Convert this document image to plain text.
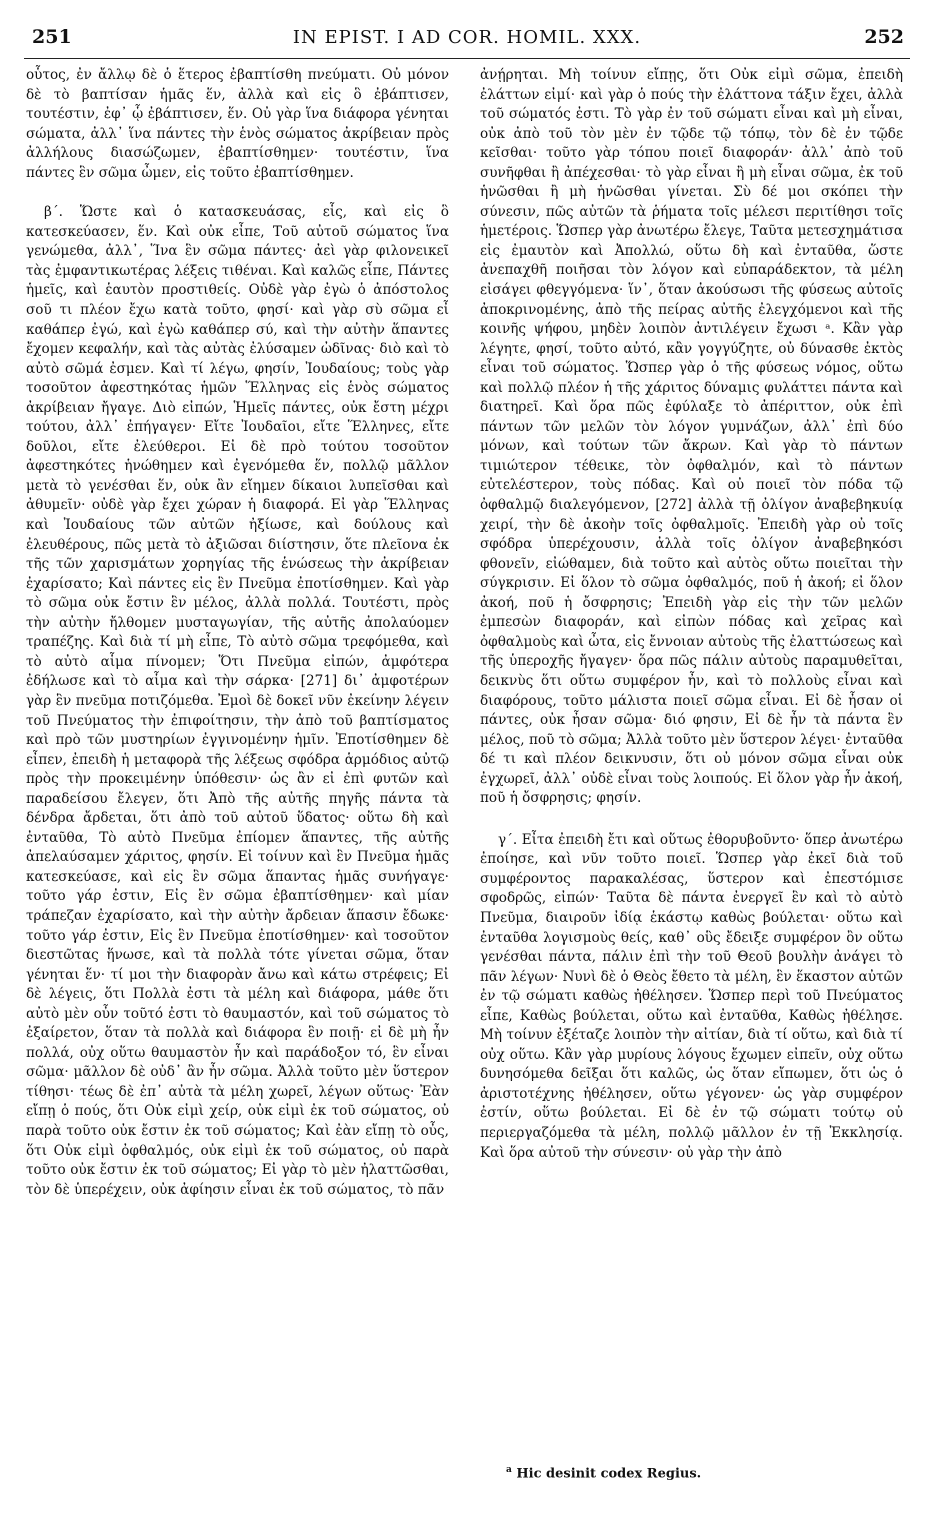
251	IN EPIST. I AD COR. HOMIL. XXX.	252

οὗτος, ἐν ἄλλῳ δὲ ὁ ἕτερος ἐβαπτίσθη πνεύματι. Οὐ μόνον δὲ τὸ βαπτίσαν ἡμᾶς ἕν, ἀλλὰ καὶ εἰς ὃ ἐβάπτισεν, τουτέστιν, ἐφ᾽ ᾧ ἐβάπτισεν, ἕν. Οὐ γὰρ ἵνα διάφορα γένηται σώματα, ἀλλ᾽ ἵνα πάντες τὴν ἑνὸς σώματος ἀκρίβειαν πρὸς ἀλλήλους διασώζωμεν, ἐβαπτίσθημεν· τουτέστιν, ἵνα πάντες ἓν σῶμα ὦμεν, εἰς τοῦτο ἐβαπτίσθημεν.

β΄. Ὥστε καὶ ὁ κατασκευάσας, εἷς, καὶ εἰς ὃ κατεσκεύασεν, ἕν. Καὶ οὐκ εἶπε, Τοῦ αὐτοῦ σώματος ἵνα γενώμεθα, ἀλλ᾽, Ἵνα ἓν σῶμα πάντες· ἀεὶ γὰρ φιλονεικεῖ τὰς ἐμφαντικωτέρας λέξεις τιθέναι. Καὶ καλῶς εἶπε, Πάντες ἡμεῖς, καὶ ἑαυτὸν προστιθείς. Οὐδὲ γὰρ ἐγὼ ὁ ἀπόστολος σοῦ τι πλέον ἔχω κατὰ τοῦτο, φησί· καὶ γὰρ σὺ σῶμα εἶ καθάπερ ἐγώ, καὶ ἐγὼ καθάπερ σύ, καὶ τὴν αὐτὴν ἅπαντες ἔχομεν κεφαλήν, καὶ τὰς αὐτὰς ἐλύσαμεν ὠδῖνας· διὸ καὶ τὸ αὐτὸ σῶμά ἐσμεν. Καὶ τί λέγω, φησίν, Ἰουδαίους; τοὺς γὰρ τοσοῦτον ἀφεστηκότας ἡμῶν Ἕλληνας εἰς ἑνὸς σώματος ἀκρίβειαν ἤγαγε. Διὸ εἰπών, Ἡμεῖς πάντες, οὐκ ἔστη μέχρι τούτου, ἀλλ᾽ ἐπήγαγεν· Εἴτε Ἰουδαῖοι, εἴτε Ἕλληνες, εἴτε δοῦλοι, εἴτε ἐλεύθεροι. Εἰ δὲ πρὸ τούτου τοσοῦτον ἀφεστηκότες ἡνώθημεν καὶ ἐγενόμεθα ἕν, πολλῷ μᾶλλον μετὰ τὸ γενέσθαι ἕν, οὐκ ἂν εἴημεν δίκαιοι λυπεῖσθαι καὶ ἀθυμεῖν· οὐδὲ γὰρ ἔχει χώραν ἡ διαφορά. Εἰ γὰρ Ἕλληνας καὶ Ἰουδαίους τῶν αὐτῶν ἠξίωσε, καὶ δούλους καὶ ἐλευθέρους, πῶς μετὰ τὸ ἀξιῶσαι διίστησιν, ὅτε πλεῖονα ἐκ τῆς τῶν χαρισμάτων χορηγίας τῆς ἑνώσεως τὴν ἀκρίβειαν ἐχαρίσατο; Καὶ πάντες εἰς ἓν Πνεῦμα ἐποτίσθημεν. Καὶ γὰρ τὸ σῶμα οὐκ ἔστιν ἓν μέλος, ἀλλὰ πολλά. Τουτέστι, πρὸς τὴν αὐτὴν ἤλθομεν μυσταγωγίαν, τῆς αὐτῆς ἀπολαύομεν τραπέζης. Καὶ διὰ τί μὴ εἶπε, Τὸ αὐτὸ σῶμα τρεφόμεθα, καὶ τὸ αὐτὸ αἷμα πίνομεν; Ὅτι Πνεῦμα εἰπών, ἀμφότερα ἐδήλωσε καὶ τὸ αἷμα καὶ τὴν σάρκα· [271] δι᾽ ἀμφοτέρων γὰρ ἓν πνεῦμα ποτιζόμεθα. Ἐμοὶ δὲ δοκεῖ νῦν ἐκείνην λέγειν τοῦ Πνεύματος τὴν ἐπιφοίτησιν, τὴν ἀπὸ τοῦ βαπτίσματος καὶ πρὸ τῶν μυστηρίων ἐγγινομένην ἡμῖν. Ἐποτίσθημεν δὲ εἶπεν, ἐπειδὴ ἡ μεταφορὰ τῆς λέξεως σφόδρα ἁρμόδιος αὐτῷ πρὸς τὴν προκειμένην ὑπόθεσιν· ὡς ἂν εἰ ἐπὶ φυτῶν καὶ παραδείσου ἔλεγεν, ὅτι Ἀπὸ τῆς αὐτῆς πηγῆς πάντα τὰ δένδρα ἄρδεται, ὅτι ἀπὸ τοῦ αὐτοῦ ὕδατος· οὕτω δὴ καὶ ἐνταῦθα, Τὸ αὐτὸ Πνεῦμα ἐπίομεν ἅπαντες, τῆς αὐτῆς ἀπελαύσαμεν χάριτος, φησίν. Εἰ τοίνυν καὶ ἓν Πνεῦμα ἡμᾶς κατεσκεύασε, καὶ εἰς ἓν σῶμα ἅπαντας ἡμᾶς συνήγαγε· τοῦτο γάρ ἐστιν, Εἰς ἓν σῶμα ἐβαπτίσθημεν· καὶ μίαν τράπεζαν ἐχαρίσατο, καὶ τὴν αὐτὴν ἄρδειαν ἅπασιν ἔδωκε· τοῦτο γάρ ἐστιν, Εἰς ἓν Πνεῦμα ἐποτίσθημεν· καὶ τοσοῦτον διεστῶτας ἥνωσε, καὶ τὰ πολλὰ τότε γίνεται σῶμα, ὅταν γένηται ἕν· τί μοι τὴν διαφορὰν ἄνω καὶ κάτω στρέφεις; Εἰ δὲ λέγεις, ὅτι Πολλὰ ἐστι τὰ μέλη καὶ διάφορα, μάθε ὅτι αὐτὸ μὲν οὖν τοῦτό ἐστι τὸ θαυμαστόν, καὶ τοῦ σώματος τὸ ἐξαίρετον, ὅταν τὰ πολλὰ καὶ διάφορα ἓν ποιῇ· εἰ δὲ μὴ ἦν πολλά, οὐχ οὕτω θαυμαστὸν ἦν καὶ παράδοξον τό, ἓν εἶναι σῶμα· μᾶλλον δὲ οὐδ᾽ ἂν ἦν σῶμα. Ἀλλὰ τοῦτο μὲν ὕστερον τίθησι· τέως δὲ ἐπ᾽ αὐτὰ τὰ μέλη χωρεῖ, λέγων οὕτως· Ἐὰν εἴπῃ ὁ πούς, ὅτι Οὐκ εἰμὶ χείρ, οὐκ εἰμὶ ἐκ τοῦ σώματος, οὐ παρὰ τοῦτο οὐκ ἔστιν ἐκ τοῦ σώματος; Καὶ ἐὰν εἴπῃ τὸ οὖς, ὅτι Οὐκ εἰμὶ ὀφθαλμός, οὐκ εἰμὶ ἐκ τοῦ σώματος, οὐ παρὰ τοῦτο οὐκ ἔστιν ἐκ τοῦ σώματος; Εἰ γὰρ τὸ μὲν ἠλαττῶσθαι, τὸν δὲ ὑπερέχειν, οὐκ ἀφίησιν εἶναι ἐκ τοῦ σώματος, τὸ πᾶν

ἀνῄρηται. Μὴ τοίνυν εἴπῃς, ὅτι Οὐκ εἰμὶ σῶμα, ἐπειδὴ ἐλάττων εἰμί· καὶ γὰρ ὁ πούς τὴν ἐλάττονα τάξιν ἔχει, ἀλλὰ τοῦ σώματός ἐστι. Τὸ γὰρ ἐν τοῦ σώματι εἶναι καὶ μὴ εἶναι, οὐκ ἀπὸ τοῦ τὸν μὲν ἐν τῷδε τῷ τόπῳ, τὸν δὲ ἐν τῷδε κεῖσθαι· τοῦτο γὰρ τόπου ποιεῖ διαφοράν· ἀλλ᾽ ἀπὸ τοῦ συνῆφθαι ἢ ἀπέχεσθαι· τὸ γὰρ εἶναι ἢ μὴ εἶναι σῶμα, ἐκ τοῦ ἡνῶσθαι ἢ μὴ ἡνῶσθαι γίνεται. Σὺ δέ μοι σκόπει τὴν σύνεσιν, πῶς αὐτῶν τὰ ῥήματα τοῖς μέλεσι περιτίθησι τοῖς ἡμετέροις. Ὥσπερ γὰρ ἀνωτέρω ἔλεγε, Ταῦτα μετεσχημάτισα εἰς ἐμαυτὸν καὶ Ἀπολλώ, οὕτω δὴ καὶ ἐνταῦθα, ὥστε ἀνεπαχθῆ ποιῆσαι τὸν λόγον καὶ εὐπαράδεκτον, τὰ μέλη εἰσάγει φθεγγόμενα· ἵν᾽, ὅταν ἀκούσωσι τῆς φύσεως αὐτοῖς ἀποκρινομένης, ἀπὸ τῆς πείρας αὐτῆς ἐλεγχόμενοι καὶ τῆς κοινῆς ψήφου, μηδὲν λοιπὸν ἀντιλέγειν ἔχωσι ᵃ. Κἂν γὰρ λέγητε, φησί, τοῦτο αὐτό, κἂν γογγύζητε, οὐ δύνασθε ἐκτὸς εἶναι τοῦ σώματος. Ὥσπερ γὰρ ὁ τῆς φύσεως νόμος, οὕτω καὶ πολλῷ πλέον ἡ τῆς χάριτος δύναμις φυλάττει πάντα καὶ διατηρεῖ. Καὶ ὅρα πῶς ἐφύλαξε τὸ ἀπέριττον, οὐκ ἐπὶ πάντων τῶν μελῶν τὸν λόγον γυμνάζων, ἀλλ᾽ ἐπὶ δύο μόνων, καὶ τούτων τῶν ἄκρων. Καὶ γὰρ τὸ πάντων τιμιώτερον τέθεικε, τὸν ὀφθαλμόν, καὶ τὸ πάντων εὐτελέστερον, τοὺς πόδας. Καὶ οὐ ποιεῖ τὸν πόδα τῷ ὀφθαλμῷ διαλεγόμενον, [272] ἀλλὰ τῇ ὀλίγον ἀναβεβηκυίᾳ χειρί, τὴν δὲ ἀκοὴν τοῖς ὀφθαλμοῖς. Ἐπειδὴ γὰρ οὐ τοῖς σφόδρα ὑπερέχουσιν, ἀλλὰ τοῖς ὀλίγον ἀναβεβηκόσι φθονεῖν, εἰώθαμεν, διὰ τοῦτο καὶ αὐτὸς οὕτω ποιεῖται τὴν σύγκρισιν. Εἰ ὅλον τὸ σῶμα ὀφθαλμός, ποῦ ἡ ἀκοή; εἰ ὅλον ἀκοή, ποῦ ἡ ὄσφρησις; Ἐπειδὴ γὰρ εἰς τὴν τῶν μελῶν ἐμπεσὼν διαφοράν, καὶ εἰπὼν πόδας καὶ χεῖρας καὶ ὀφθαλμοὺς καὶ ὦτα, εἰς ἔννοιαν αὐτοὺς τῆς ἐλαττώσεως καὶ τῆς ὑπεροχῆς ἤγαγεν· ὅρα πῶς πάλιν αὐτοὺς παραμυθεῖται, δεικνὺς ὅτι οὕτω συμφέρον ἦν, καὶ τὸ πολλοὺς εἶναι καὶ διαφόρους, τοῦτο μάλιστα ποιεῖ σῶμα εἶναι. Εἰ δὲ ἦσαν οἱ πάντες, οὐκ ἦσαν σῶμα· διό φησιν, Εἰ δὲ ἦν τὰ πάντα ἓν μέλος, ποῦ τὸ σῶμα; Ἀλλὰ τοῦτο μὲν ὕστερον λέγει· ἐνταῦθα δέ τι καὶ πλέον δεικνυσιν, ὅτι οὐ μόνον σῶμα εἶναι οὐκ ἐγχωρεῖ, ἀλλ᾽ οὐδὲ εἶναι τοὺς λοιπούς. Εἰ ὅλον γὰρ ἦν ἀκοή, ποῦ ἡ ὄσφρησις; φησίν.

γ΄. Εἶτα ἐπειδὴ ἔτι καὶ οὕτως ἐθορυβοῦντο· ὅπερ ἀνωτέρω ἐποίησε, καὶ νῦν τοῦτο ποιεῖ. Ὥσπερ γὰρ ἐκεῖ διὰ τοῦ συμφέροντος παρακαλέσας, ὕστερον καὶ ἐπεστόμισε σφοδρῶς, εἰπών· Ταῦτα δὲ πάντα ἐνεργεῖ ἓν καὶ τὸ αὐτὸ Πνεῦμα, διαιροῦν ἰδίᾳ ἑκάστῳ καθὼς βούλεται· οὕτω καὶ ἐνταῦθα λογισμοὺς θείς, καθ᾽ οὓς ἔδειξε συμφέρον ὂν οὕτω γενέσθαι πάντα, πάλιν ἐπὶ τὴν τοῦ Θεοῦ βουλὴν ἀνάγει τὸ πᾶν λέγων· Νυνὶ δὲ ὁ Θεὸς ἔθετο τὰ μέλη, ἓν ἕκαστον αὐτῶν ἐν τῷ σώματι καθὼς ἠθέλησεν. Ὥσπερ περὶ τοῦ Πνεύματος εἶπε, Καθὼς βούλεται, οὕτω καὶ ἐνταῦθα, Καθὼς ἠθέλησε. Μὴ τοίνυν ἐξέταζε λοιπὸν τὴν αἰτίαν, διὰ τί οὕτω, καὶ διὰ τί οὐχ οὕτω. Κἂν γὰρ μυρίους λόγους ἔχωμεν εἰπεῖν, οὐχ οὕτω δυνησόμεθα δεῖξαι ὅτι καλῶς, ὡς ὅταν εἴπωμεν, ὅτι ὡς ὁ ἀριστοτέχνης ἠθέλησεν, οὕτω γέγονεν· ὡς γὰρ συμφέρον ἐστίν, οὕτω βούλεται. Εἰ δὲ ἐν τῷ σώματι τούτῳ οὐ περιεργαζόμεθα τὰ μέλη, πολλῷ μᾶλλον ἐν τῇ Ἐκκλησίᾳ. Καὶ ὅρα αὐτοῦ τὴν σύνεσιν· οὐ γὰρ τὴν ἀπὸ

$^a$ Hic desinit codex Regius.
